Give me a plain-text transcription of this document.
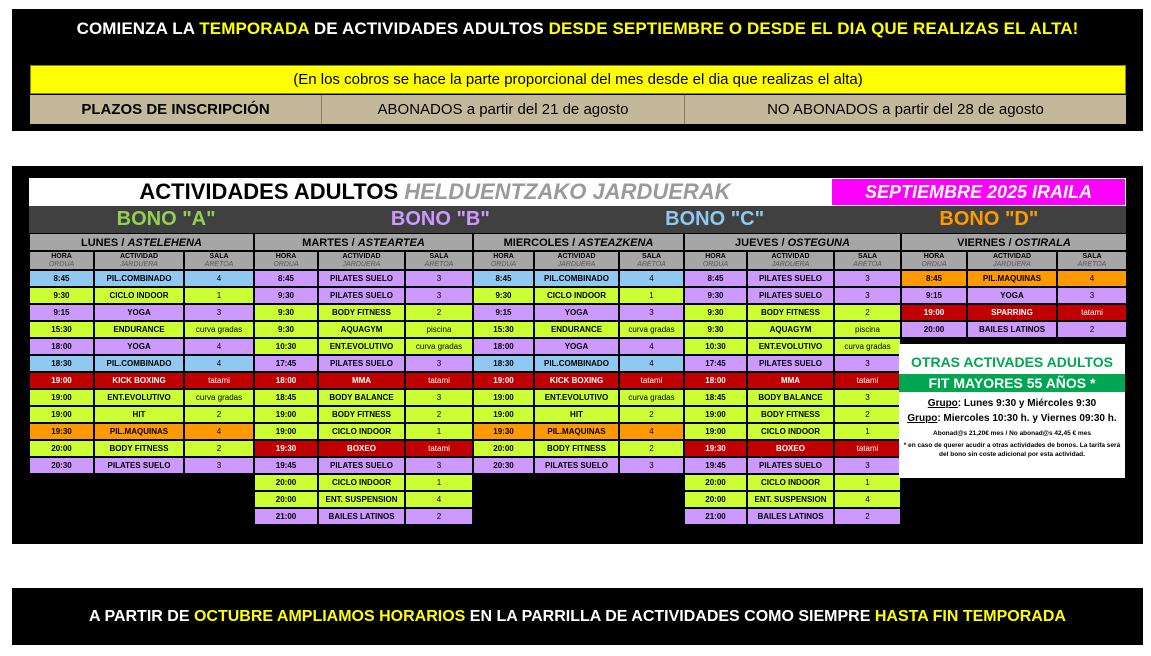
COMIENZA LA TEMPORADA DE ACTIVIDADES ADULTOS DESDE SEPTIEMBRE O DESDE EL DIA QUE REALIZAS EL ALTA!
(En los cobros se hace la parte proporcional del mes desde el dia que realizas el alta)
PLAZOS DE INSCRIPCIÓN	ABONADOS a partir del 21 de agosto	NO ABONADOS a partir del 28 de agosto
ACTIVIDADES ADULTOS HELDUENTZAKO JARDUERAK	SEPTIEMBRE 2025 IRAILA
BONO "A"	BONO "B"	BONO "C"	BONO "D"
LUNES / ASTELEHENA
HORA
ORDUA
ACTIVIDAD
JARDUERA
SALA
ARETOA
8:45	PIL.COMBINADO	4
9:30	CICLO INDOOR	1
9:15	YOGA	3
15:30	ENDURANCE	curva gradas
18:00	YOGA	4
18:30	PIL.COMBINADO	4
19:00	KICK BOXING	tatami
19:00	ENT.EVOLUTIVO	curva gradas
19:00	HIT	2
19:30	PIL.MAQUINAS	4
20:00	BODY FITNESS	2
20:30	PILATES SUELO	3
MARTES / ASTEARTEA
HORA
ORDUA
ACTIVIDAD
JARDUERA
SALA
ARETOA
8:45	PILATES SUELO	3
9:30	PILATES SUELO	3
9:30	BODY FITNESS	2
9:30	AQUAGYM	piscina
10:30	ENT.EVOLUTIVO	curva gradas
17:45	PILATES SUELO	3
18:00	MMA	tatami
18:45	BODY BALANCE	3
19:00	BODY FITNESS	2
19:00	CICLO INDOOR	1
19:30	BOXEO	tatami
19:45	PILATES SUELO	3
20:00	CICLO INDOOR	1
20:00	ENT. SUSPENSION	4
21:00	BAILES LATINOS	2
MIERCOLES / ASTEAZKENA
HORA
ORDUA
ACTIVIDAD
JARDUERA
SALA
ARETOA
8:45	PIL.COMBINADO	4
9:30	CICLO INDOOR	1
9:15	YOGA	3
15:30	ENDURANCE	curva gradas
18:00	YOGA	4
18:30	PIL.COMBINADO	4
19:00	KICK BOXING	tatami
19:00	ENT.EVOLUTIVO	curva gradas
19:00	HIT	2
19:30	PIL.MAQUINAS	4
20:00	BODY FITNESS	2
20:30	PILATES SUELO	3
JUEVES / OSTEGUNA
HORA
ORDUA
ACTIVIDAD
JARDUERA
SALA
ARETOA
8:45	PILATES SUELO	3
9:30	PILATES SUELO	3
9:30	BODY FITNESS	2
9:30	AQUAGYM	piscina
10:30	ENT.EVOLUTIVO	curva gradas
17:45	PILATES SUELO	3
18:00	MMA	tatami
18:45	BODY BALANCE	3
19:00	BODY FITNESS	2
19:00	CICLO INDOOR	1
19:30	BOXEO	tatami
19:45	PILATES SUELO	3
20:00	CICLO INDOOR	1
20:00	ENT. SUSPENSION	4
21:00	BAILES LATINOS	2
VIERNES / OSTIRALA
HORA
ORDUA
ACTIVIDAD
JARDUERA
SALA
ARETOA
8:45	PIL.MAQUINAS	4
9:15	YOGA	3
19:00	SPARRING	tatami
20:00	BAILES LATINOS	2
OTRAS ACTIVADES ADULTOS
FIT MAYORES 55 AÑOS *

Grupo: Lunes 9:30 y Miércoles 9:30

Grupo: Miercoles 10:30 h. y Viernes 09:30 h.

Abonad@s 21,20€ mes / No abonad@s 42,45 € mes

* en caso de querer acudir a otras actividades de bonos. La tarifa será del bono sin coste adicional por esta actividad.

A PARTIR DE OCTUBRE AMPLIAMOS HORARIOS EN LA PARRILLA DE ACTIVIDADES COMO SIEMPRE HASTA FIN TEMPORADA
